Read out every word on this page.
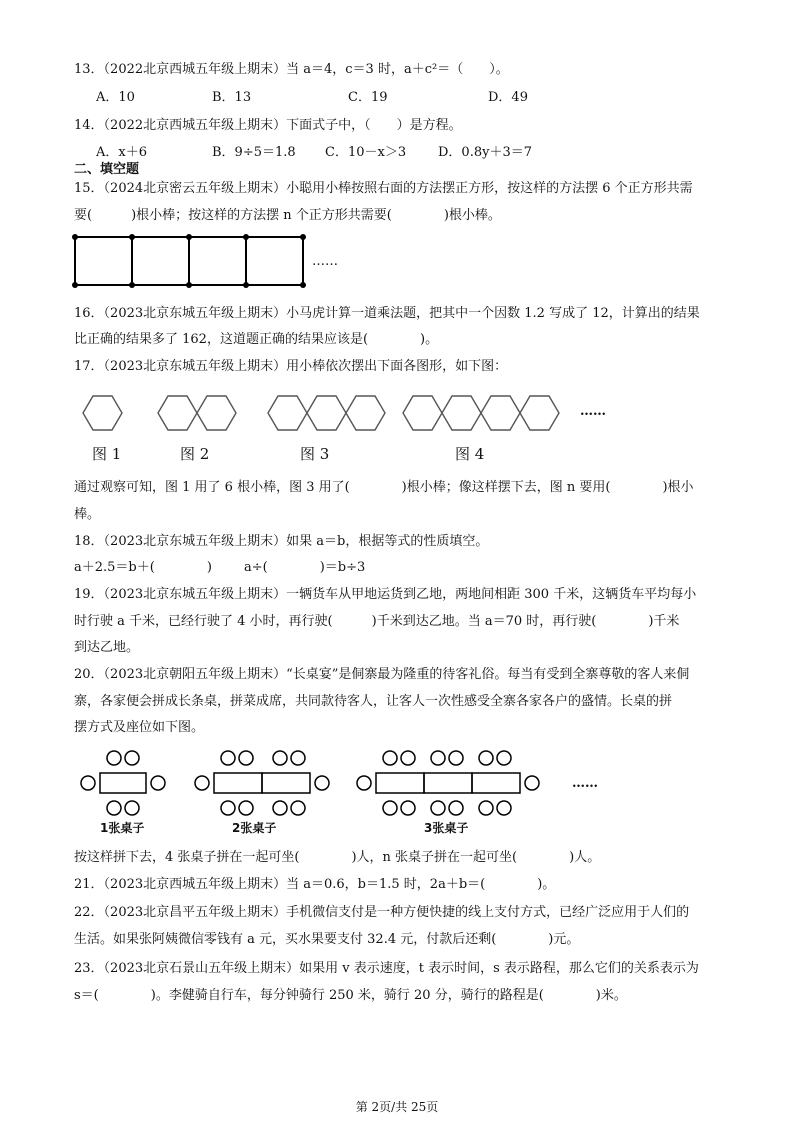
13．（2022北京西城五年级上期末）当 a＝4，c＝3 时，a＋c²＝（　　）。
A．10	B．13	C．19	D．49
14．（2022北京西城五年级上期末）下面式子中，（　　）是方程。
A．x＋6	B．9÷5＝1.8 C．10－x＞3 D．0.8y＋3＝7
二、填空题
15．（2024北京密云五年级上期末）小聪用小棒按照右面的方法摆正方形，按这样的方法摆 6 个正方形共需
要(　　　)根小棒；按这样的方法摆 n 个正方形共需要(　　　　)根小棒。
……
16．（2023北京东城五年级上期末）小马虎计算一道乘法题，把其中一个因数 1.2 写成了 12，计算出的结果
比正确的结果多了 162，这道题正确的结果应该是(　　　　)。
17．（2023北京东城五年级上期末）用小棒依次摆出下面各图形，如下图：
……
图 1	图 2	图 3	图 4
通过观察可知，图 1 用了 6 根小棒，图 3 用了(　　　　)根小棒；像这样摆下去，图 n 要用(　　　　)根小
棒。
18．（2023北京东城五年级上期末）如果 a＝b，根据等式的性质填空。
a＋2.5＝b＋(　　　　) a÷(　　　　)＝b÷3
19．（2023北京东城五年级上期末）一辆货车从甲地运货到乙地，两地间相距 300 千米，这辆货车平均每小
时行驶 a 千米，已经行驶了 4 小时，再行驶(　　　)千米到达乙地。当 a＝70 时，再行驶(　　　　)千米
到达乙地。
20．（2023北京朝阳五年级上期末）“长桌宴”是侗寨最为隆重的待客礼俗。每当有受到全寨尊敬的客人来侗
寨，各家便会拼成长条桌，拼菜成席，共同款待客人，让客人一次性感受全寨各家各户的盛情。长桌的拼
摆方式及座位如下图。
……
1张桌子	2张桌子	3张桌子
按这样拼下去，4 张桌子拼在一起可坐(　　　　)人，n 张桌子拼在一起可坐(　　　　)人。
21．（2023北京西城五年级上期末）当 a＝0.6，b＝1.5 时，2a＋b＝(　　　　)。
22．（2023北京昌平五年级上期末）手机微信支付是一种方便快捷的线上支付方式，已经广泛应用于人们的
生活。如果张阿姨微信零钱有 a 元，买水果要支付 32.4 元，付款后还剩(　　　　)元。
23．（2023北京石景山五年级上期末）如果用 v 表示速度，t 表示时间，s 表示路程，那么它们的关系表示为
s＝(　　　　)。李健骑自行车，每分钟骑行 250 米，骑行 20 分，骑行的路程是(　　　　)米。
第 2页/共 25页
